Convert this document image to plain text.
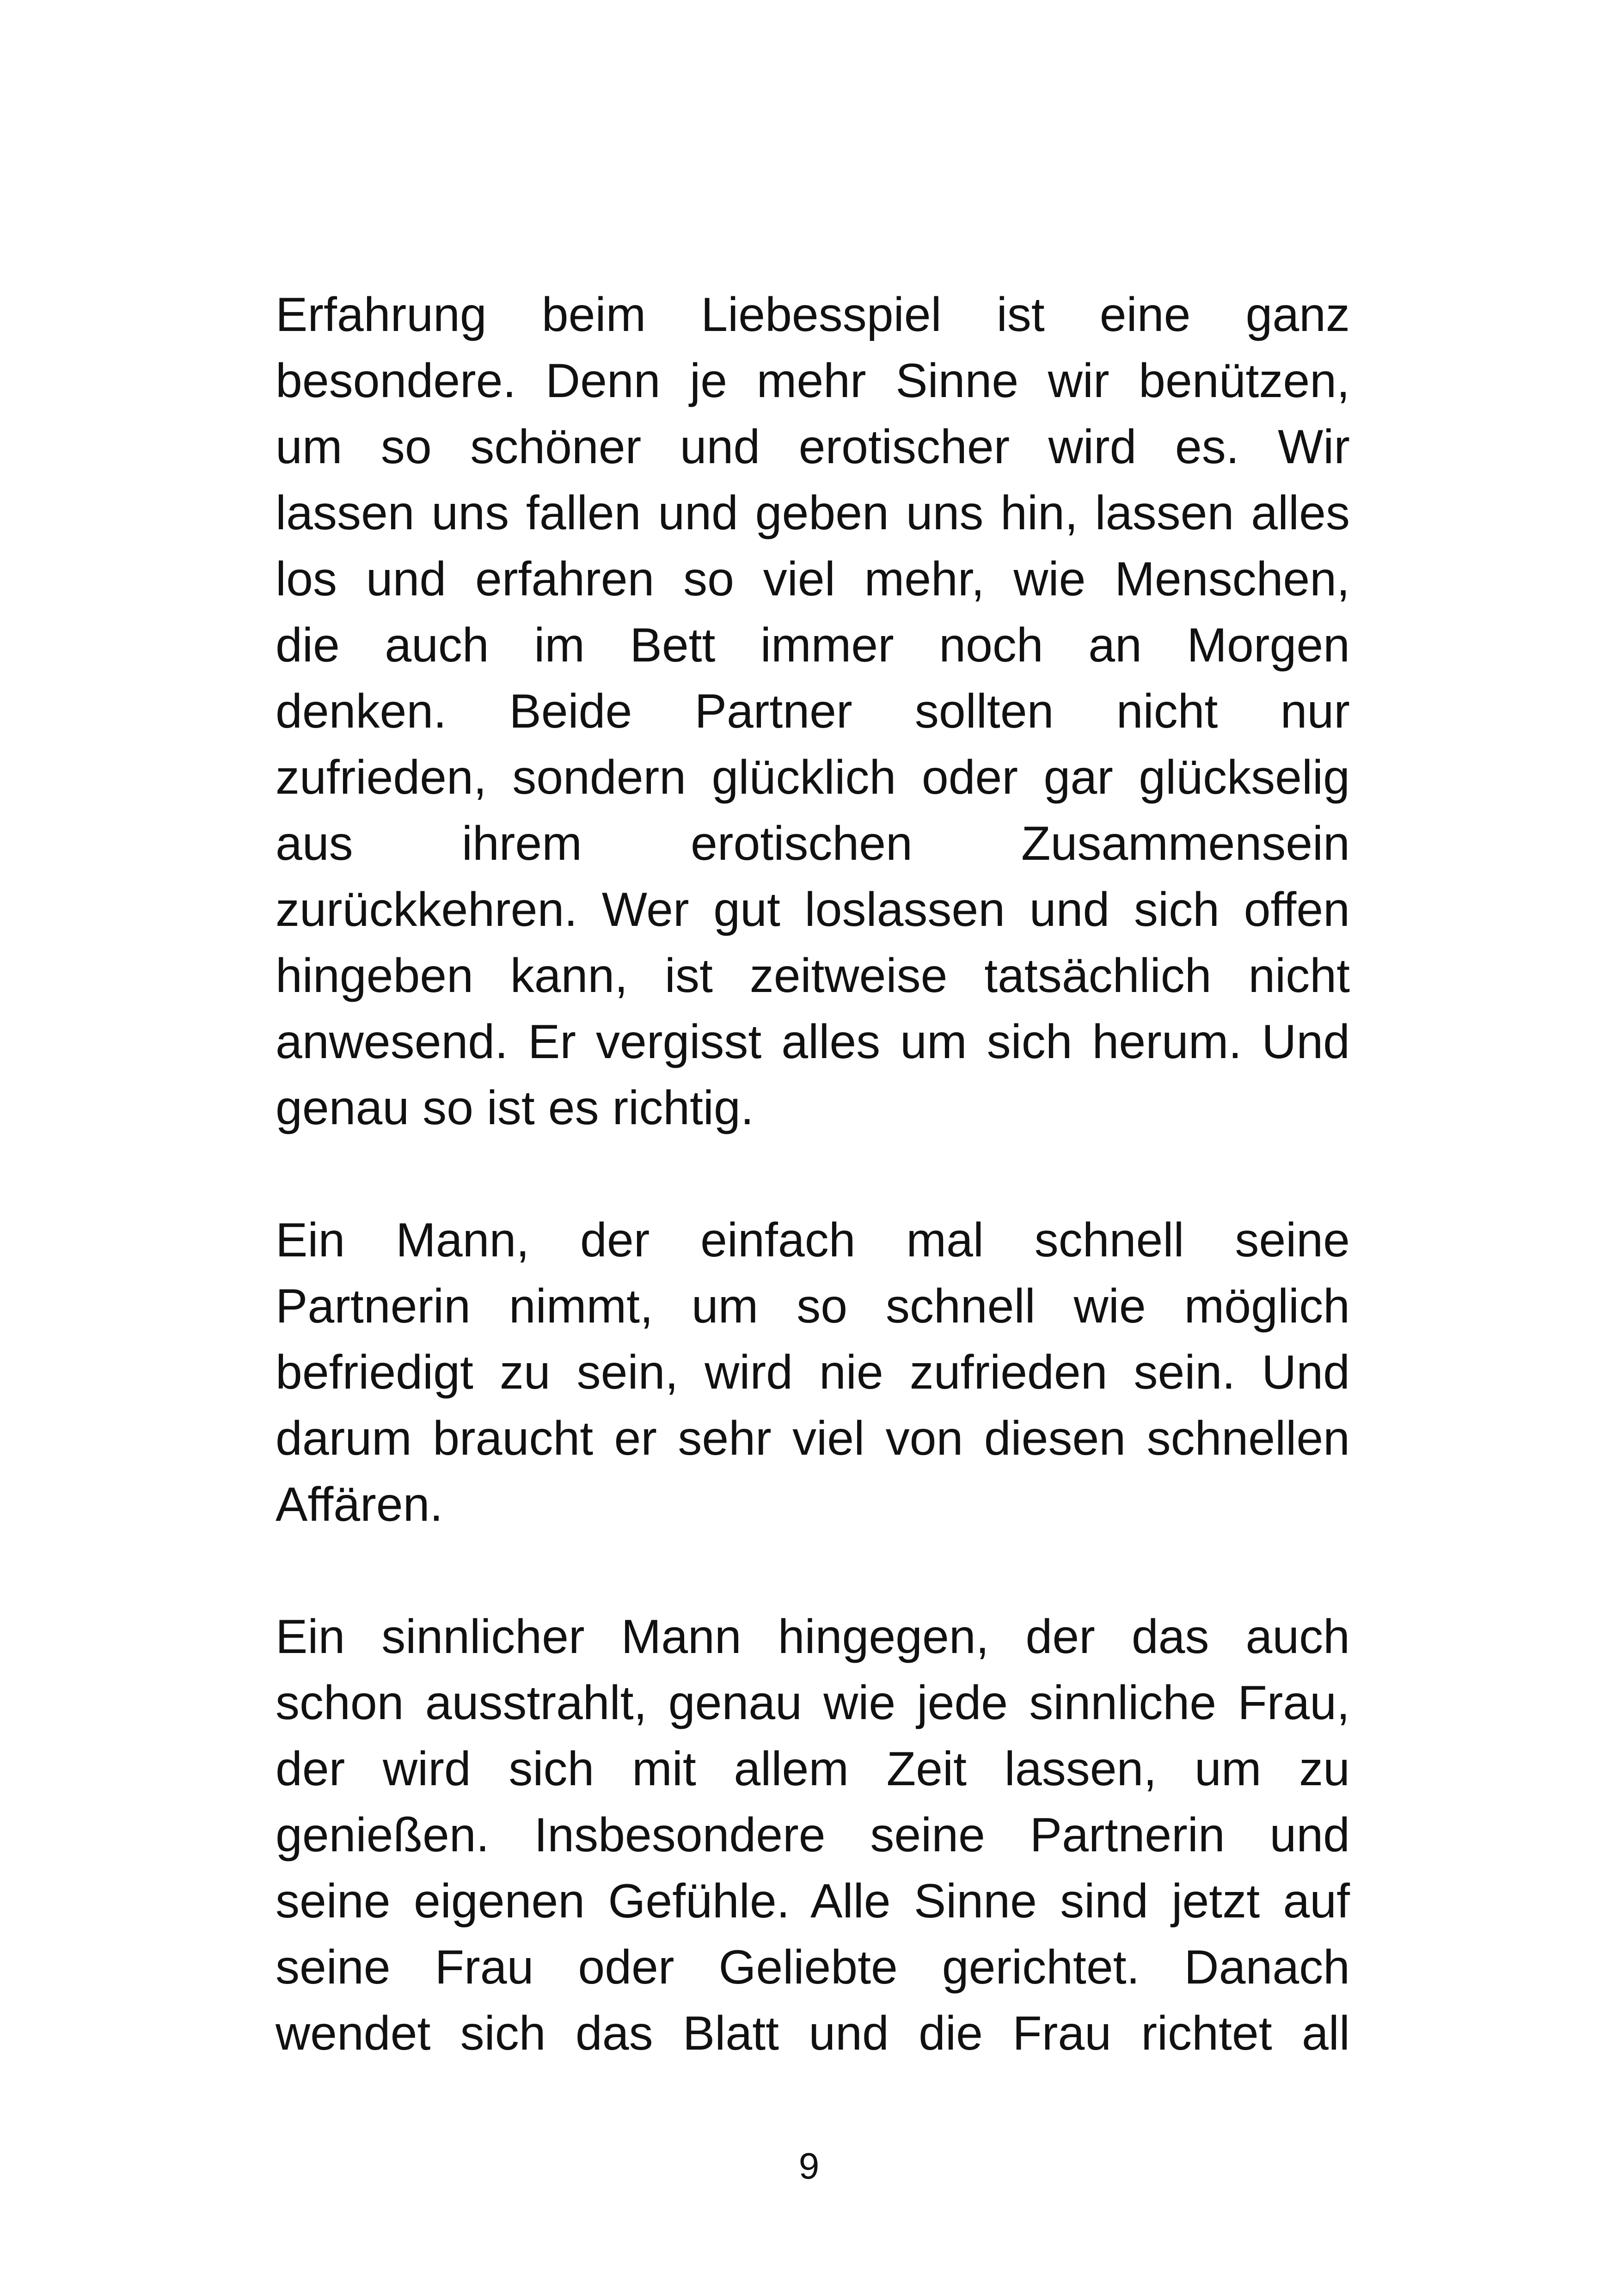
Erfahrung beim Liebesspiel ist eine ganz
besondere. Denn je mehr Sinne wir benützen,
um so schöner und erotischer wird es. Wir
lassen uns fallen und geben uns hin, lassen alles
los und erfahren so viel mehr, wie Menschen,
die auch im Bett immer noch an Morgen
denken. Beide Partner sollten nicht nur
zufrieden, sondern glücklich oder gar glückselig
aus ihrem erotischen Zusammensein
zurückkehren. Wer gut loslassen und sich offen
hingeben kann, ist zeitweise tatsächlich nicht
anwesend. Er vergisst alles um sich herum. Und
genau so ist es richtig.
Ein Mann, der einfach mal schnell seine
Partnerin nimmt, um so schnell wie möglich
befriedigt zu sein, wird nie zufrieden sein. Und
darum braucht er sehr viel von diesen schnellen
Affären.
Ein sinnlicher Mann hingegen, der das auch
schon ausstrahlt, genau wie jede sinnliche Frau,
der wird sich mit allem Zeit lassen, um zu
genießen. Insbesondere seine Partnerin und
seine eigenen Gefühle. Alle Sinne sind jetzt auf
seine Frau oder Geliebte gerichtet. Danach
wendet sich das Blatt und die Frau richtet all
9
